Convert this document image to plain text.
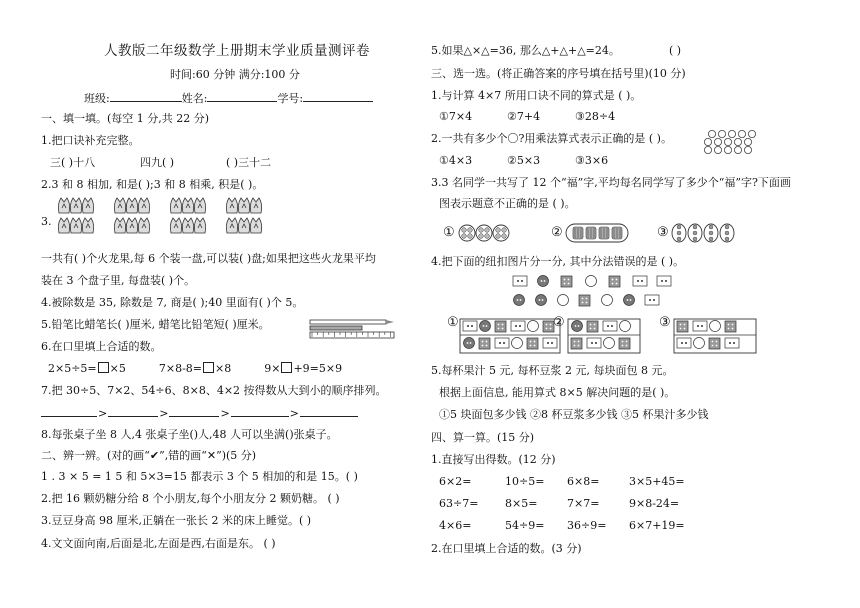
人教版二年级数学上册期末学业质量测评卷
时间:60 分钟 满分:100 分
班级:	姓名:	学号:
一、填一填。(每空 1 分,共 22 分)
1.把口诀补充完整。
三( )十八	四九( )	( )三十二
2.3 和 8 相加, 和是( );3 和 8 相乘, 积是( )。
3.
一共有( )个火龙果,每 6 个装一盘,可以装( )盘;如果把这些火龙果平均
装在 3 个盘子里, 每盘装( )个。
4.被除数是 35, 除数是 7, 商是( );40 里面有( )个 5。
5.铅笔比蜡笔长( )厘米, 蜡笔比铅笔短( )厘米。
6.在口里填上合适的数。
2×5÷5= ×5	7×8-8= ×8	9× +9=5×9
7.把 30÷5、7×2、54÷6、8×8、4×2 按得数从大到小的顺序排列。
>	>	>	>
8.每张桌子坐 8 人,4 张桌子坐()人,48 人可以坐满()张桌子。
二、辨一辨。(对的画“✔”,错的画“✕”)(5 分)
1 . 3 × 5 = 1 5 和 5×3=15 都表示 3 个 5 相加的和是 15。( )
2.把 16 颗奶糖分给 8 个小朋友,每个小朋友分 2 颗奶糖。 ( )
3.豆豆身高 98 厘米,正躺在一张长 2 米的床上睡觉。( )
4.文文面向南,后面是北,左面是西,右面是东。 ( )
5.如果△×△=36, 那么△+△+△=24。	( )
三、选一选。(将正确答案的序号填在括号里)(10 分)
1.与计算 4×7 所用口诀不同的算式是 ( )。
①7×4	②7+4	③28÷4
2.一共有多少个〇?用乘法算式表示正确的是 ( )。
①4×3	②5×3	③3×6
3.3 名同学一共写了 12 个“福”字,平均每名同学写了多少个“福”字?下面画
图表示题意不正确的是 ( )。
①	②	③
4.把下面的纽扣图片分一分, 其中分法错误的是 ( )。
①	②	③
5.每杯果汁 5 元, 每杯豆浆 2 元, 每块面包 8 元。
根据上面信息, 能用算式 8×5 解决问题的是( )。
①5 块面包多少钱 ②8 杯豆浆多少钱 ③5 杯果汁多少钱
四、算一算。(15 分)
1.直接写出得数。(12 分)
6×2=	10÷5= 6×8=	3×5+45=
63÷7= 8×5=	7×7=	9×8-24=
4×6=	54÷9= 36÷9= 6×7+19=
2.在口里填上合适的数。(3 分)
